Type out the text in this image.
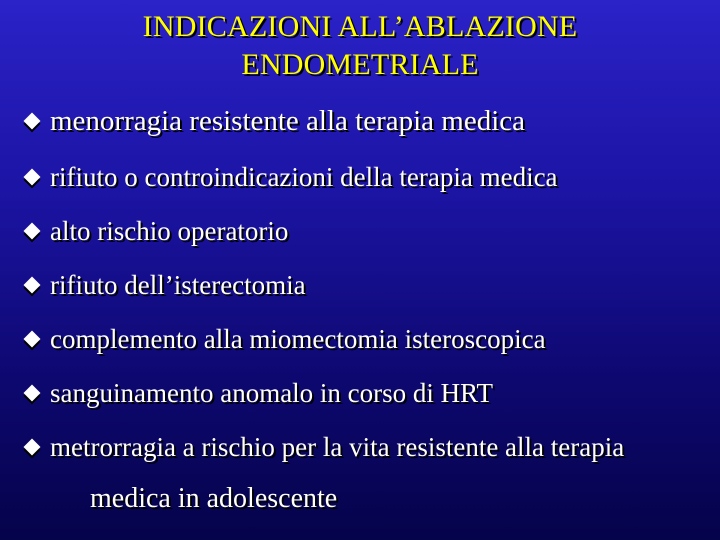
INDICAZIONI ALL’ABLAZIONE
ENDOMETRIALE
menorragia resistente alla terapia medica
rifiuto o controindicazioni della terapia medica
alto rischio operatorio
rifiuto dell’isterectomia
complemento alla miomectomia isteroscopica
sanguinamento anomalo in corso di HRT
metrorragia a rischio per la vita resistente alla terapia
medica in adolescente
